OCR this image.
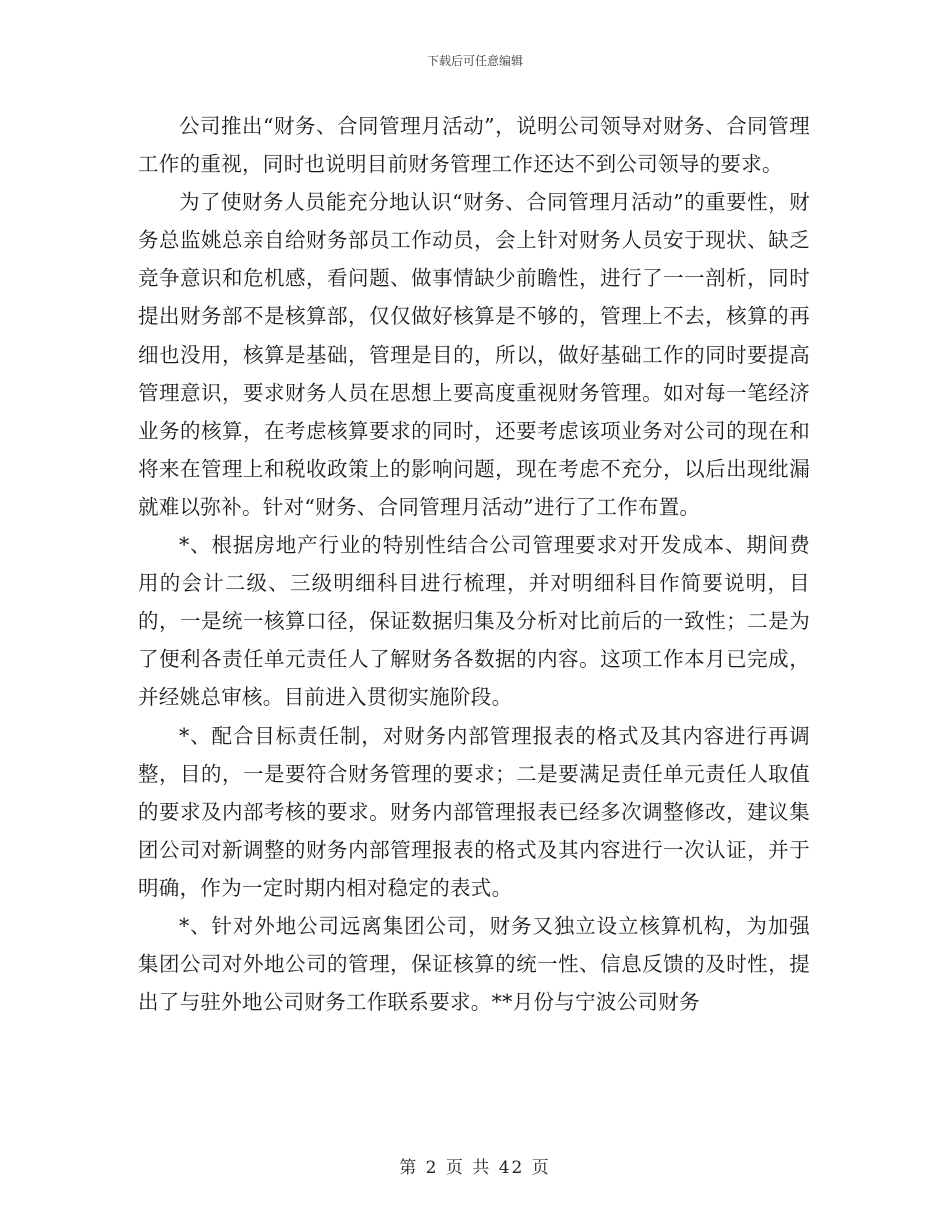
下载后可任意编辑

公司推出“财务、合同管理月活动”，说明公司领导对财务、合同管理工作的重视，同时也说明目前财务管理工作还达不到公司领导的要求。

为了使财务人员能充分地认识“财务、合同管理月活动”的重要性，财务总监姚总亲自给财务部员工作动员，会上针对财务人员安于现状、缺乏竞争意识和危机感，看问题、做事情缺少前瞻性，进行了一一剖析，同时提出财务部不是核算部，仅仅做好核算是不够的，管理上不去，核算的再细也没用，核算是基础，管理是目的，所以，做好基础工作的同时要提高管理意识，要求财务人员在思想上要高度重视财务管理。如对每一笔经济业务的核算，在考虑核算要求的同时，还要考虑该项业务对公司的现在和将来在管理上和税收政策上的影响问题，现在考虑不充分，以后出现纰漏就难以弥补。针对“财务、合同管理月活动”进行了工作布置。

*、根据房地产行业的特别性结合公司管理要求对开发成本、期间费用的会计二级、三级明细科目进行梳理，并对明细科目作简要说明，目的，一是统一核算口径，保证数据归集及分析对比前后的一致性；二是为了便利各责任单元责任人了解财务各数据的内容。这项工作本月已完成，并经姚总审核。目前进入贯彻实施阶段。

*、配合目标责任制，对财务内部管理报表的格式及其内容进行再调整，目的，一是要符合财务管理的要求；二是要满足责任单元责任人取值的要求及内部考核的要求。财务内部管理报表已经多次调整修改，建议集团公司对新调整的财务内部管理报表的格式及其内容进行一次认证，并于明确，作为一定时期内相对稳定的表式。

*、针对外地公司远离集团公司，财务又独立设立核算机构，为加强集团公司对外地公司的管理，保证核算的统一性、信息反馈的及时性，提出了与驻外地公司财务工作联系要求。**月份与宁波公司财务

第 2 页 共 42 页
